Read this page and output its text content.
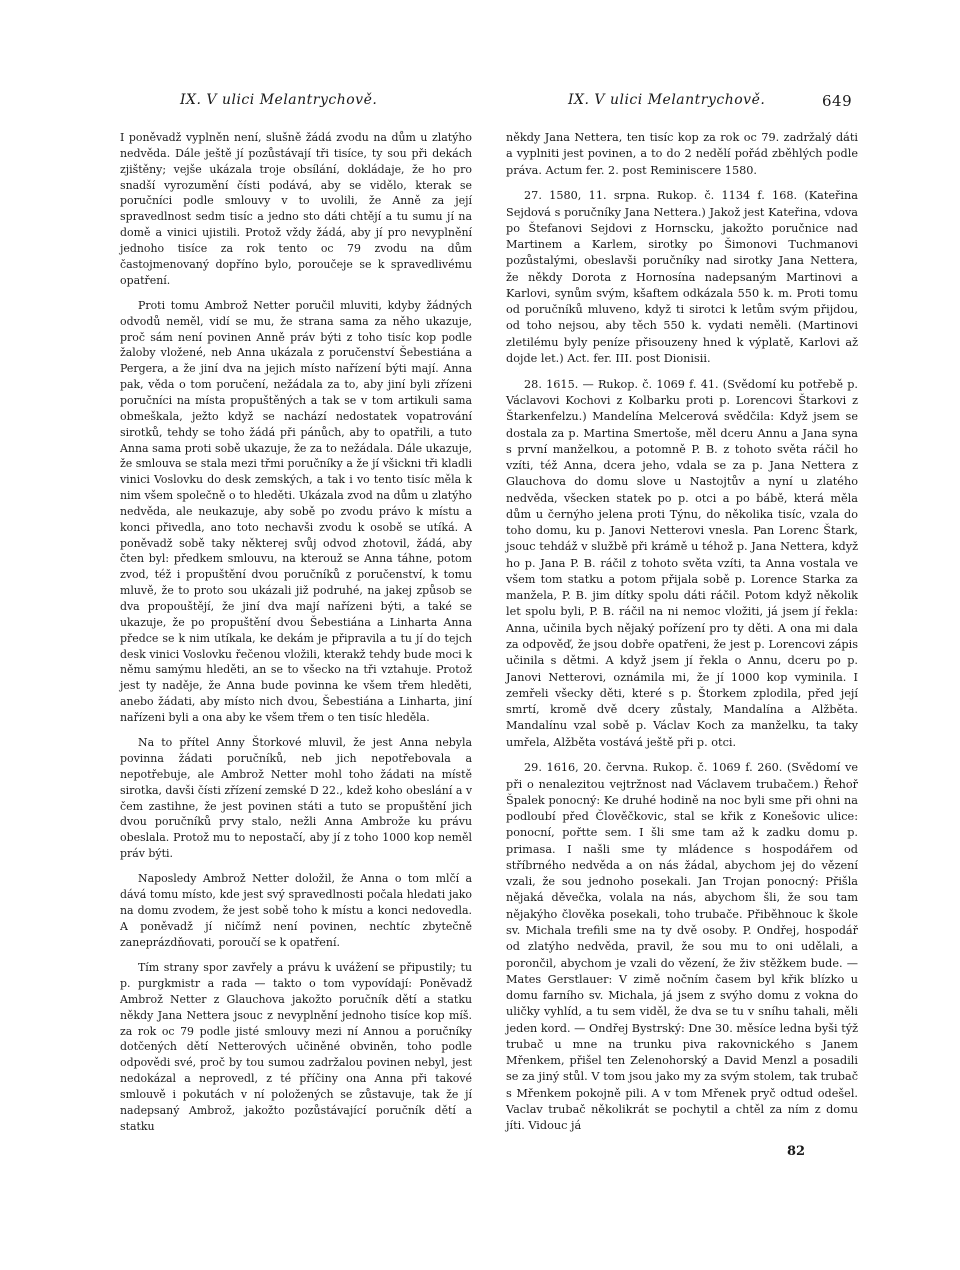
IX. V ulici Melantrychově.	IX. V ulici Melantrychově.	649

I poněvadž vyplněn není, slušně žádá zvodu na dům u zlatýho nedvěda. Dále ještě jí pozůstávají tři tisíce, ty sou při dekách zjištěny; vejše ukázala troje obsílání, dokládaje, že ho pro snadší vyrozumění čísti podává, aby se vidělo, kterak se poručníci podle smlouvy v to uvolili, že Anně za její spravedlnost sedm tisíc a jedno sto dáti chtějí a tu sumu jí na domě a vinici ujistili. Protož vždy žádá, aby jí pro nevyplnění jednoho tisíce za rok tento oc 79 zvodu na dům častojmenovaný dopříno bylo, poroučeje se k spravedlivému opatření.

Proti tomu Ambrož Netter poručil mluviti, kdyby žádných odvodů neměl, vidí se mu, že strana sama za něho ukazuje, proč sám není povinen Anně práv býti z toho tisíc kop podle žaloby vložené, neb Anna ukázala z poručenství Šebestiána a Pergera, a že jiní dva na jejich místo nařízení býti mají. Anna pak, věda o tom poručení, nežádala za to, aby jiní byli zřízeni poručníci na místa propuštěných a tak se v tom artikuli sama obmeškala, ježto když se nachází nedostatek vopatrování sirotků, tehdy se toho žádá při pánůch, aby to opatřili, a tuto Anna sama proti sobě ukazuje, že za to nežádala. Dále ukazuje, že smlouva se stala mezi třmi poručníky a že jí všickni tři kladli vinici Voslovku do desk zemských, a tak i vo tento tisíc měla k nim všem společně o to hleděti. Ukázala zvod na dům u zlatýho nedvěda, ale neukazuje, aby sobě po zvodu právo k místu a konci přivedla, ano toto nechavši zvodu k osobě se utíká. A poněvadž sobě taky některej svůj odvod zhotovil, žádá, aby čten byl: předkem smlouvu, na kterouž se Anna táhne, potom zvod, též i propuštění dvou poručníků z poručenství, k tomu mluvě, že to proto sou ukázali již podruhé, na jakej způsob se dva propouštějí, že jiní dva mají nařízeni býti, a také se ukazuje, že po propuštění dvou Šebestiána a Linharta Anna předce se k nim utíkala, ke dekám je připravila a tu jí do tejch desk vinici Voslovku řečenou vložili, kterakž tehdy bude moci k němu samýmu hleděti, an se to všecko na tři vztahuje. Protož jest ty naděje, že Anna bude povinna ke všem třem hleděti, anebo žádati, aby místo nich dvou, Šebestiána a Linharta, jiní nařízeni byli a ona aby ke všem třem o ten tisíc hleděla.

Na to přítel Anny Štorkové mluvil, že jest Anna nebyla povinna žádati poručníků, neb jich nepotřebovala a nepotřebuje, ale Ambrož Netter mohl toho žádati na místě sirotka, davši čísti zřízení zemské D 22., kdež koho obeslání a v čem zastihne, že jest povinen státi a tuto se propuštění jich dvou poručníků prvy stalo, nežli Anna Ambrože ku právu obeslala. Protož mu to nepostačí, aby jí z toho 1000 kop neměl práv býti.

Naposledy Ambrož Netter doložil, že Anna o tom mlčí a dává tomu místo, kde jest svý spravedlnosti počala hledati jako na domu zvodem, že jest sobě toho k místu a konci nedovedla. A poněvadž jí ničímž není povinen, nechtíc zbytečně zaneprázdňovati, poroučí se k opatření.

Tím strany spor zavřely a právu k uvážení se připustily; tu p. purgkmistr a rada — takto o tom vypovídají: Poněvadž Ambrož Netter z Glauchova jakožto poručník dětí a statku někdy Jana Nettera jsouc z nevyplnění jednoho tisíce kop míš. za rok oc 79 podle jisté smlouvy mezi ní Annou a poručníky dotčených dětí Netterových učiněné obviněn, toho podle odpovědi své, proč by tou sumou zadržalou povinen nebyl, jest nedokázal a neprovedl, z té příčiny ona Anna při takové smlouvě i pokutách v ní položených se zůstavuje, tak že jí nadepsaný Ambrož, jakožto pozůstávající poručník dětí a statku

někdy Jana Nettera, ten tisíc kop za rok oc 79. zadržalý dáti a vyplniti jest povinen, a to do 2 nedělí pořád zběhlých podle práva. Actum fer. 2. post Reminiscere 1580.

27. 1580, 11. srpna. Rukop. č. 1134 f. 168. (Kateřina Sejdová s poručníky Jana Nettera.) Jakož jest Kateřina, vdova po Štefanovi Sejdovi z Hornscku, jakožto poručnice nad Martinem a Karlem, sirotky po Šimonovi Tuchmanovi pozůstalými, obeslavši poručníky nad sirotky Jana Nettera, že někdy Dorota z Hornosína nadepsaným Martinovi a Karlovi, synům svým, kšaftem odkázala 550 k. m. Proti tomu od poručníků mluveno, když ti sirotci k letům svým přijdou, od toho nejsou, aby těch 550 k. vydati neměli. (Martinovi zletilému byly peníze přisouzeny hned k výplatě, Karlovi až dojde let.) Act. fer. III. post Dionisii.

28. 1615. — Rukop. č. 1069 f. 41. (Svědomí ku potřebě p. Václavovi Kochovi z Kolbarku proti p. Lorencovi Štarkovi z Štarkenfelzu.) Mandelína Melcerová svědčila: Když jsem se dostala za p. Martina Smertoše, měl dceru Annu a Jana syna s první manželkou, a potomně P. B. z tohoto světa ráčil ho vzíti, též Anna, dcera jeho, vdala se za p. Jana Nettera z Glauchova do domu slove u Nastojtův a nyní u zlatého nedvěda, všecken statek po p. otci a po bábě, která měla dům u černýho jelena proti Týnu, do několika tisíc, vzala do toho domu, ku p. Janovi Netterovi vnesla. Pan Lorenc Štark, jsouc tehdáž v službě při krámě u téhož p. Jana Nettera, když ho p. Jana P. B. ráčil z tohoto světa vzíti, ta Anna vostala ve všem tom statku a potom přijala sobě p. Lorence Starka za manžela, P. B. jim dítky spolu dáti ráčil. Potom když několik let spolu byli, P. B. ráčil na ni nemoc vložiti, já jsem jí řekla: Anna, učinila bych nějaký pořízení pro ty děti. A ona mi dala za odpověď, že jsou dobře opatřeni, že jest p. Lorencovi zápis učinila s dětmi. A když jsem jí řekla o Annu, dceru po p. Janovi Netterovi, oznámila mi, že jí 1000 kop vyminila. I zemřeli všecky děti, které s p. Štorkem zplodila, před její smrtí, kromě dvě dcery zůstaly, Mandalína a Alžběta. Mandalínu vzal sobě p. Václav Koch za manželku, ta taky umřela, Alžběta vostává ještě při p. otci.

29. 1616, 20. června. Rukop. č. 1069 f. 260. (Svědomí ve při o nenalezitou vejtržnost nad Václavem trubačem.) Řehoř Špalek ponocný: Ke druhé hodině na noc byli sme při ohni na podloubí před Člověčkovic, stal se křik z Konešovic ulice: ponocní, pořtte sem. I šli sme tam až k zadku domu p. primasa. I našli sme ty mládence s hospodářem od stříbrného nedvěda a on nás žádal, abychom jej do vězení vzali, že sou jednoho posekali. Jan Trojan ponocný: Přišla nějaká děvečka, volala na nás, abychom šli, že sou tam nějakýho člověka posekali, toho trubače. Přiběhnouc k škole sv. Michala trefili sme na ty dvě osoby. P. Ondřej, hospodář od zlatýho nedvěda, pravil, že sou mu to oni udělali, a porončil, abychom je vzali do vězení, že živ stěžkem bude. — Mates Gerstlauer: V zimě nočním časem byl křik blízko u domu farního sv. Michala, já jsem z svýho domu z vokna do uličky vyhlíd, a tu sem viděl, že dva se tu v sníhu tahali, měli jeden kord. — Ondřej Bystrský: Dne 30. měsíce ledna byši týž trubač u mne na trunku piva rakovnického s Janem Mřenkem, přišel ten Zelenohorský a David Menzl a posadili se za jiný stůl. V tom jsou jako my za svým stolem, tak trubač s Mřenkem pokojně pili. A v tom Mřenek pryč odtud odešel. Vaclav trubač několikrát se pochytil a chtěl za ním z domu jíti. Vidouc já

82
